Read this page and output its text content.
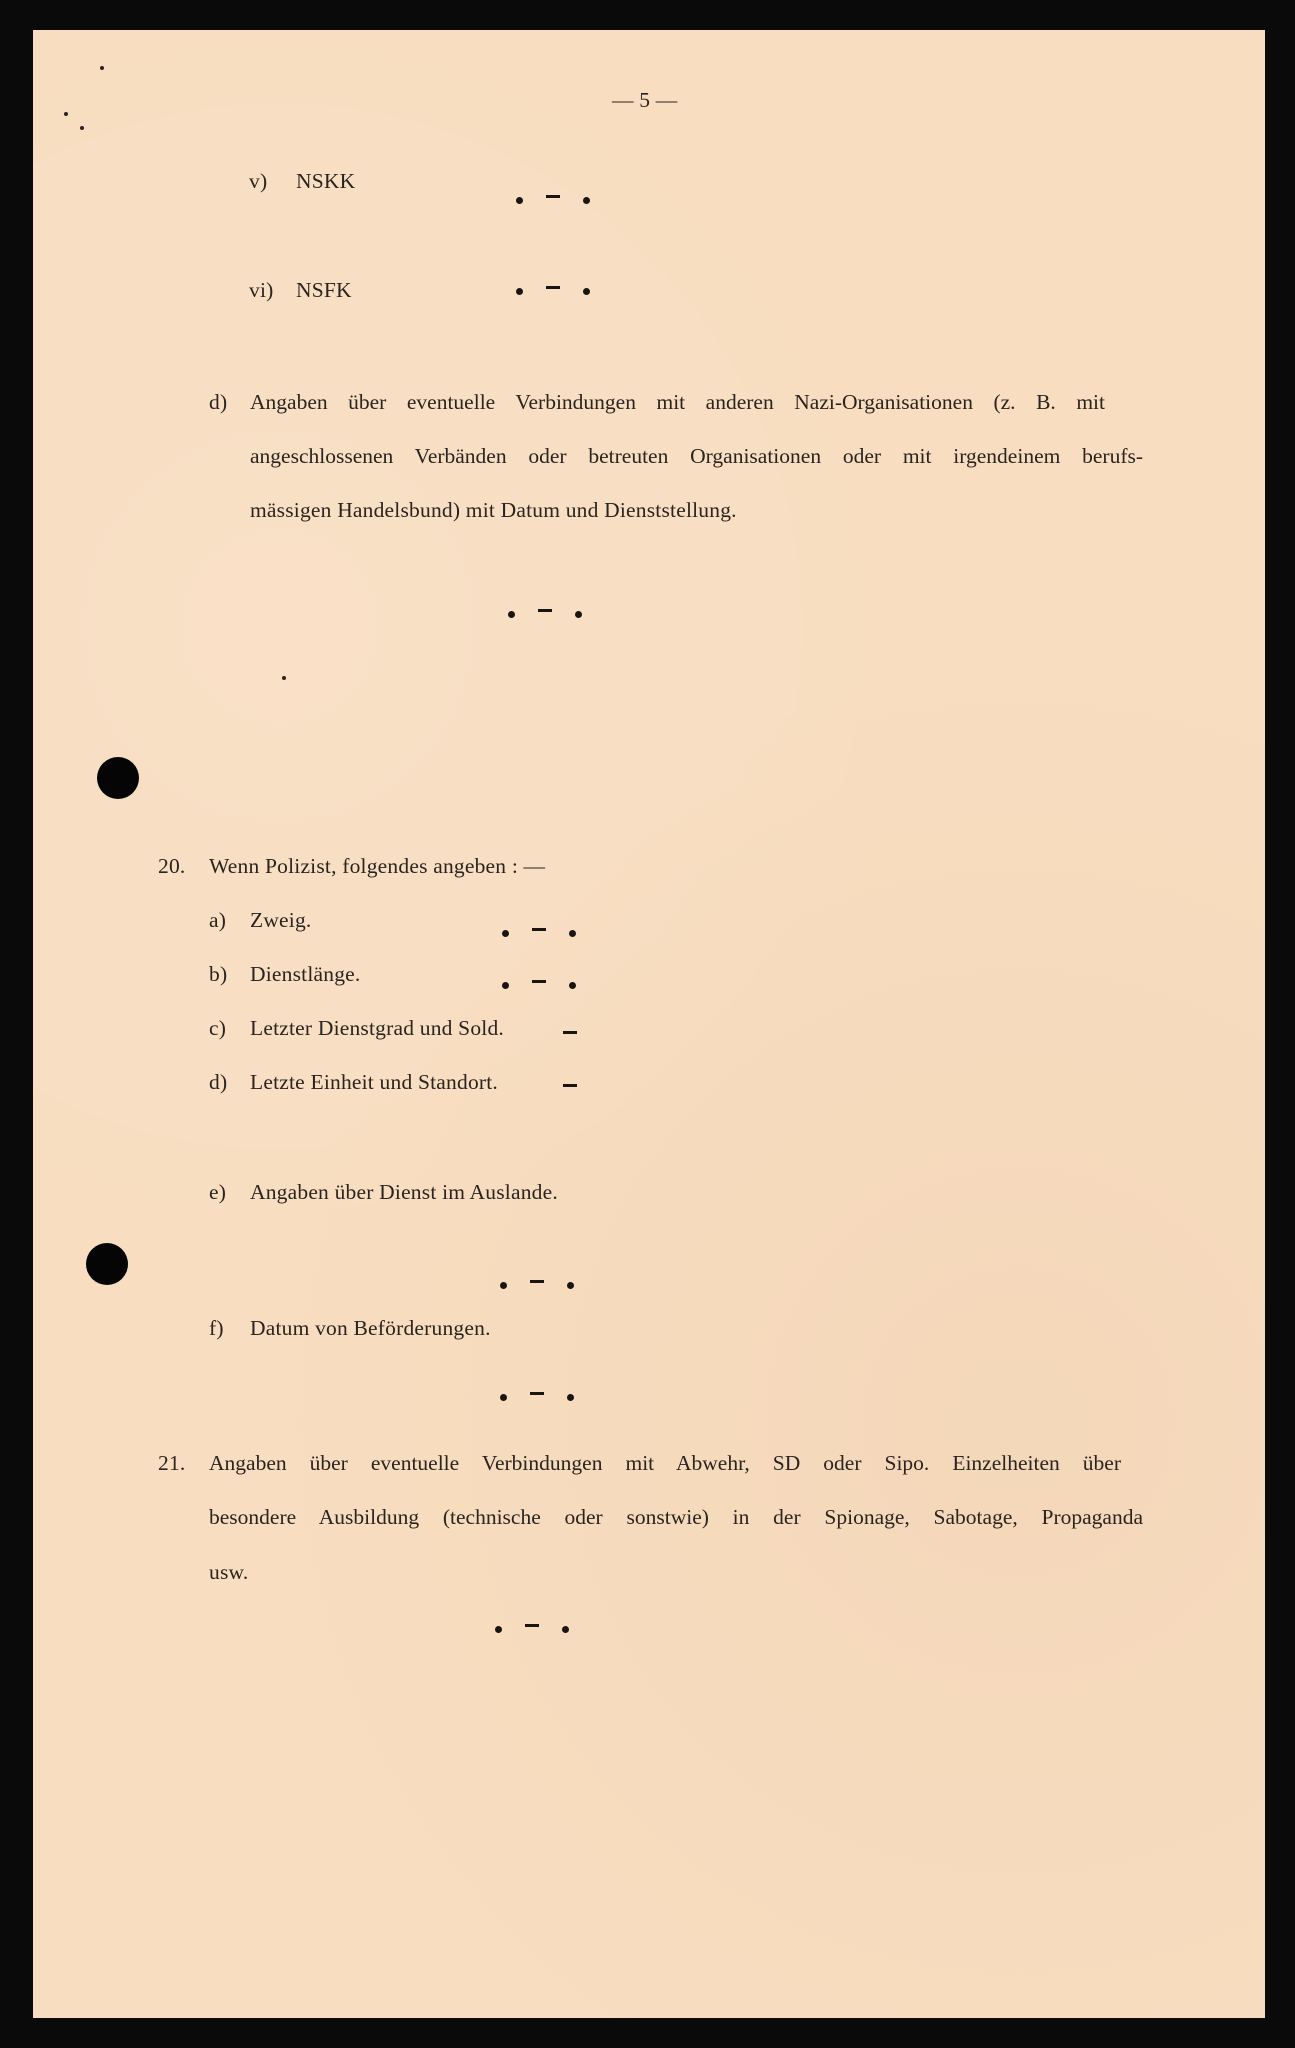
— 5 —
v) NSKK
vi) NSFK
d) Angaben über eventuelle Verbindungen mit anderen Nazi-Organisationen (z. B. mit
angeschlossenen Verbänden oder betreuten Organisationen oder mit irgendeinem berufs-
mässigen Handelsbund) mit Datum und Dienststellung.
20. Wenn Polizist, folgendes angeben : —
a) Zweig.
b) Dienstlänge.
c) Letzter Dienstgrad und Sold.
d) Letzte Einheit und Standort.
e) Angaben über Dienst im Auslande.
f) Datum von Beförderungen.
21. Angaben über eventuelle Verbindungen mit Abwehr, SD oder Sipo. Einzelheiten über
besondere Ausbildung (technische oder sonstwie) in der Spionage, Sabotage, Propaganda
usw.
